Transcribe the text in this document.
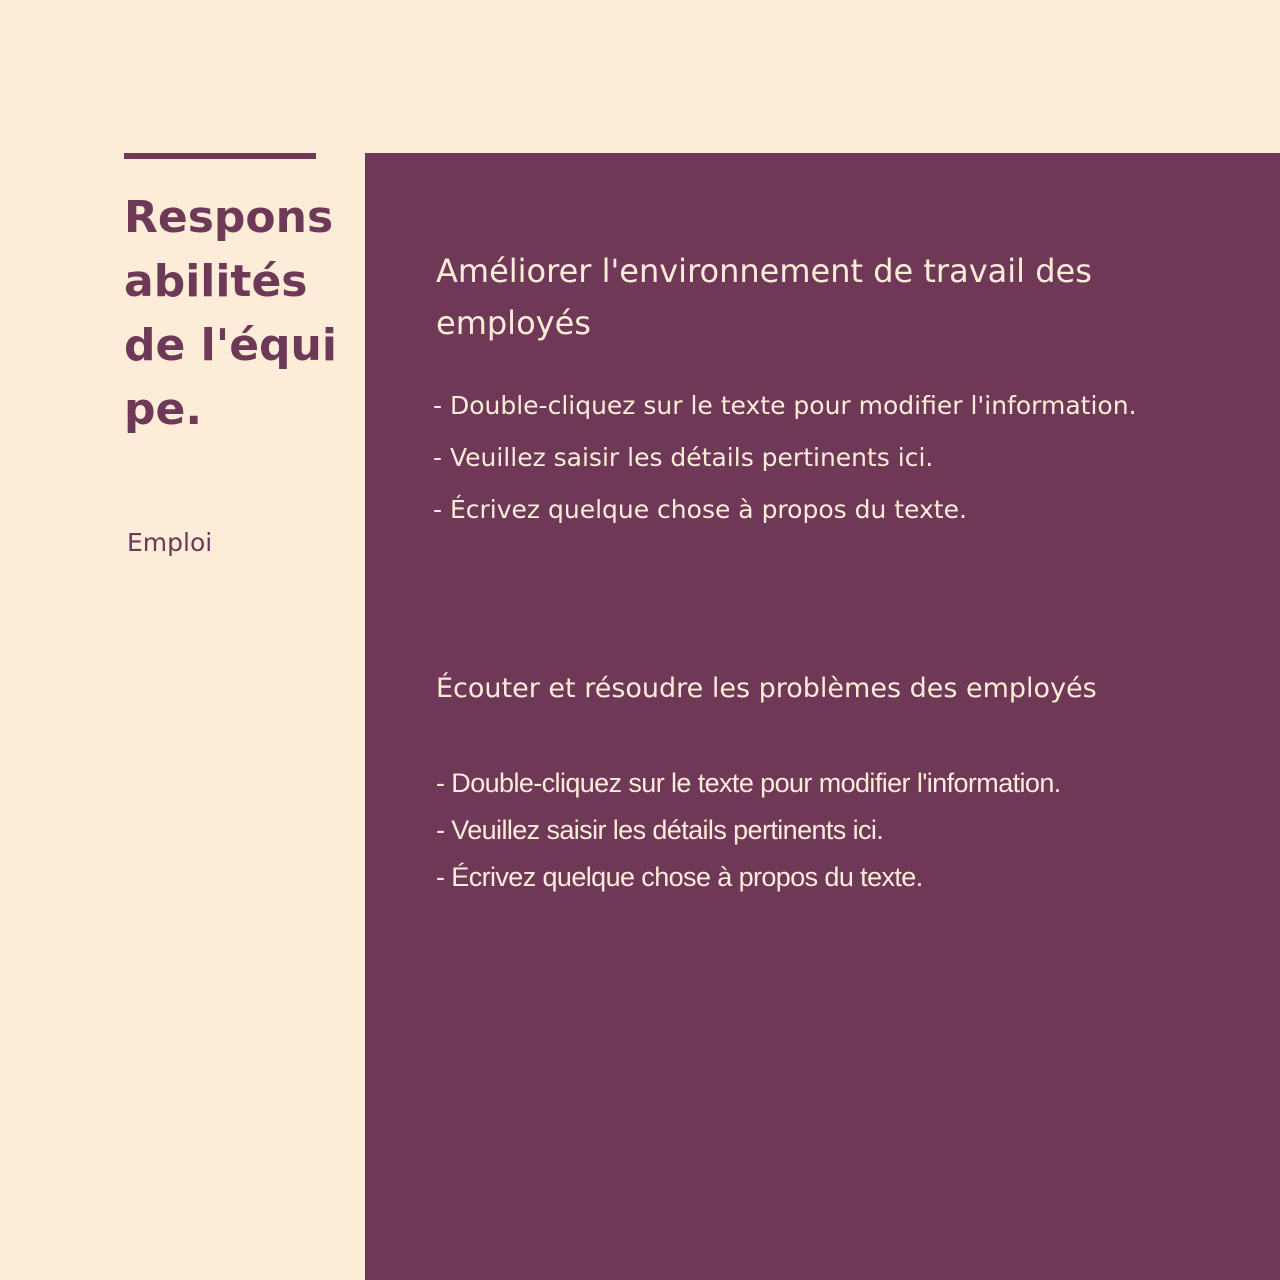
Responsabilités de l'équipe.
Emploi
Améliorer l'environnement de travail des employés
- Double-cliquez sur le texte pour modifier l'information.
- Veuillez saisir les détails pertinents ici.
- Écrivez quelque chose à propos du texte.
Écouter et résoudre les problèmes des employés
- Double-cliquez sur le texte pour modifier l'information.
- Veuillez saisir les détails pertinents ici.
- Écrivez quelque chose à propos du texte.
